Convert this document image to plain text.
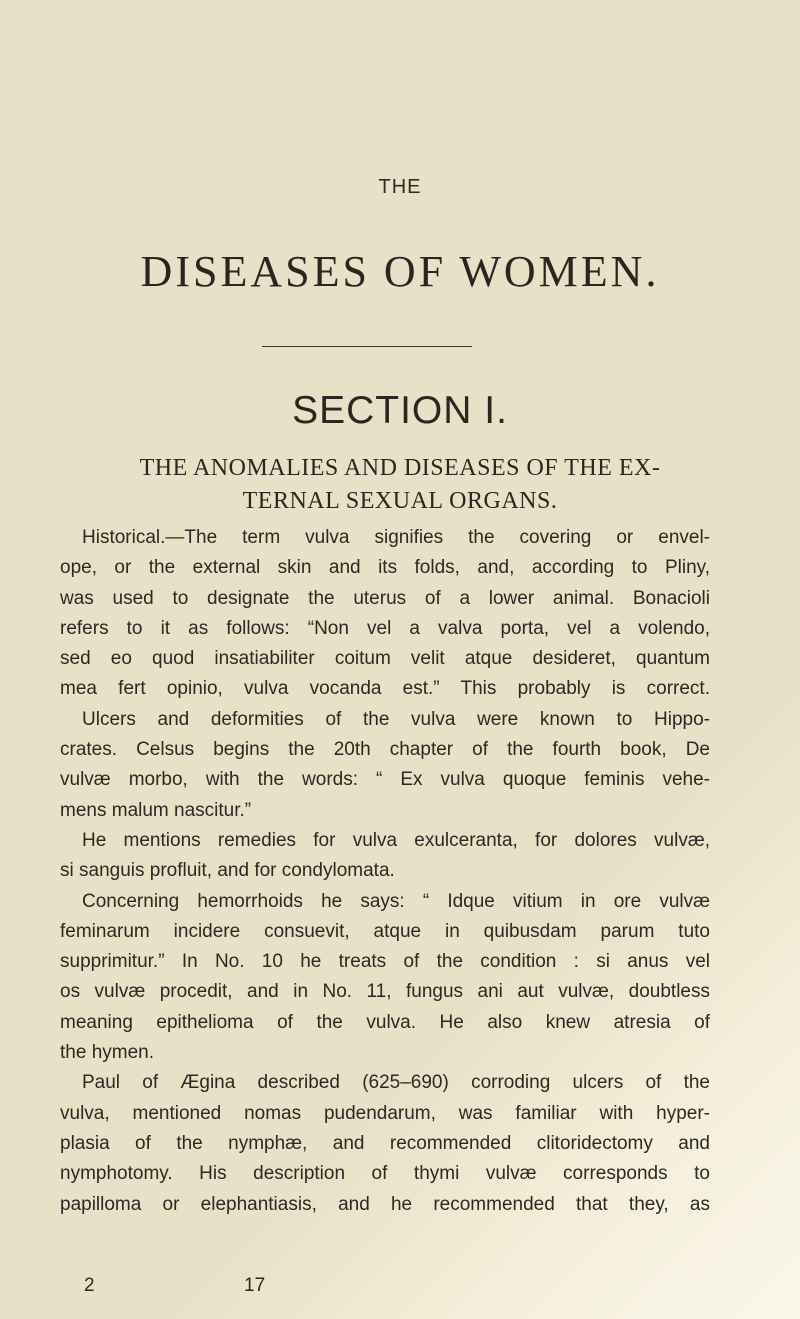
THE
DISEASES OF WOMEN.
SECTION I.
THE ANOMALIES AND DISEASES OF THE EX-
TERNAL SEXUAL ORGANS.
Historical.—The term vulva signifies the covering or envel-
ope, or the external skin and its folds, and, according to Pliny,
was used to designate the uterus of a lower animal. Bonacioli
refers to it as follows: “Non vel a valva porta, vel a volendo,
sed eo quod insatiabiliter coitum velit atque desideret, quantum
mea fert opinio, vulva vocanda est.” This probably is correct.
Ulcers and deformities of the vulva were known to Hippo-
crates. Celsus begins the 20th chapter of the fourth book, De
vulvæ morbo, with the words: “ Ex vulva quoque feminis vehe-
mens malum nascitur.”
He mentions remedies for vulva exulceranta, for dolores vulvæ,
si sanguis profluit, and for condylomata.
Concerning hemorrhoids he says: “ Idque vitium in ore vulvæ
feminarum incidere consuevit, atque in quibusdam parum tuto
supprimitur.” In No. 10 he treats of the condition : si anus vel
os vulvæ procedit, and in No. 11, fungus ani aut vulvæ, doubtless
meaning epithelioma of the vulva. He also knew atresia of
the hymen.
Paul of Ægina described (625–690) corroding ulcers of the
vulva, mentioned nomas pudendarum, was familiar with hyper-
plasia of the nymphæ, and recommended clitoridectomy and
nymphotomy. His description of thymi vulvæ corresponds to
papilloma or elephantiasis, and he recommended that they, as
2	17
